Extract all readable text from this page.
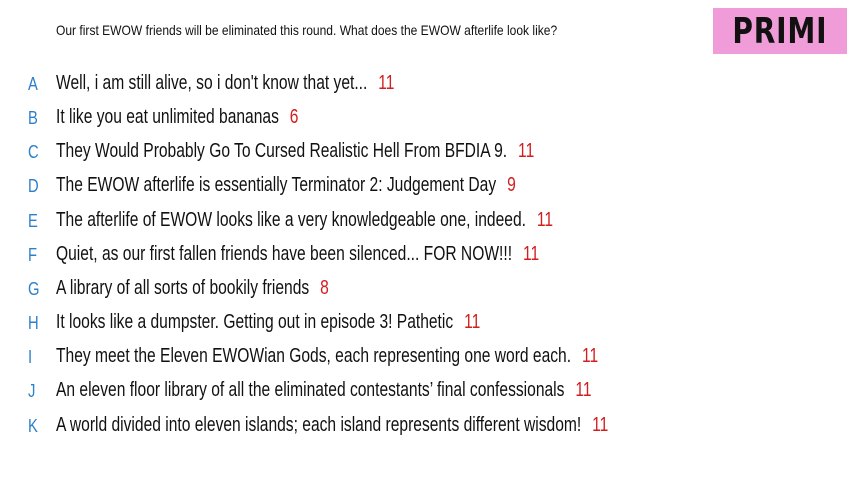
Our first EWOW friends will be eliminated this round. What does the EWOW afterlife look like?	PRIMI
A Well, i am still alive, so i don't know that yet... 11
B It like you eat unlimited bananas 6
C They Would Probably Go To Cursed Realistic Hell From BFDIA 9. 11
D The EWOW afterlife is essentially Terminator 2: Judgement Day 9
E The afterlife of EWOW looks like a very knowledgeable one, indeed. 11
F Quiet, as our first fallen friends have been silenced... FOR NOW!!! 11
G A library of all sorts of bookily friends 8
H It looks like a dumpster. Getting out in episode 3! Pathetic 11
I They meet the Eleven EWOWian Gods, each representing one word each. 11
J An eleven floor library of all the eliminated contestants’ final confessionals 11
K A world divided into eleven islands; each island represents different wisdom! 11
